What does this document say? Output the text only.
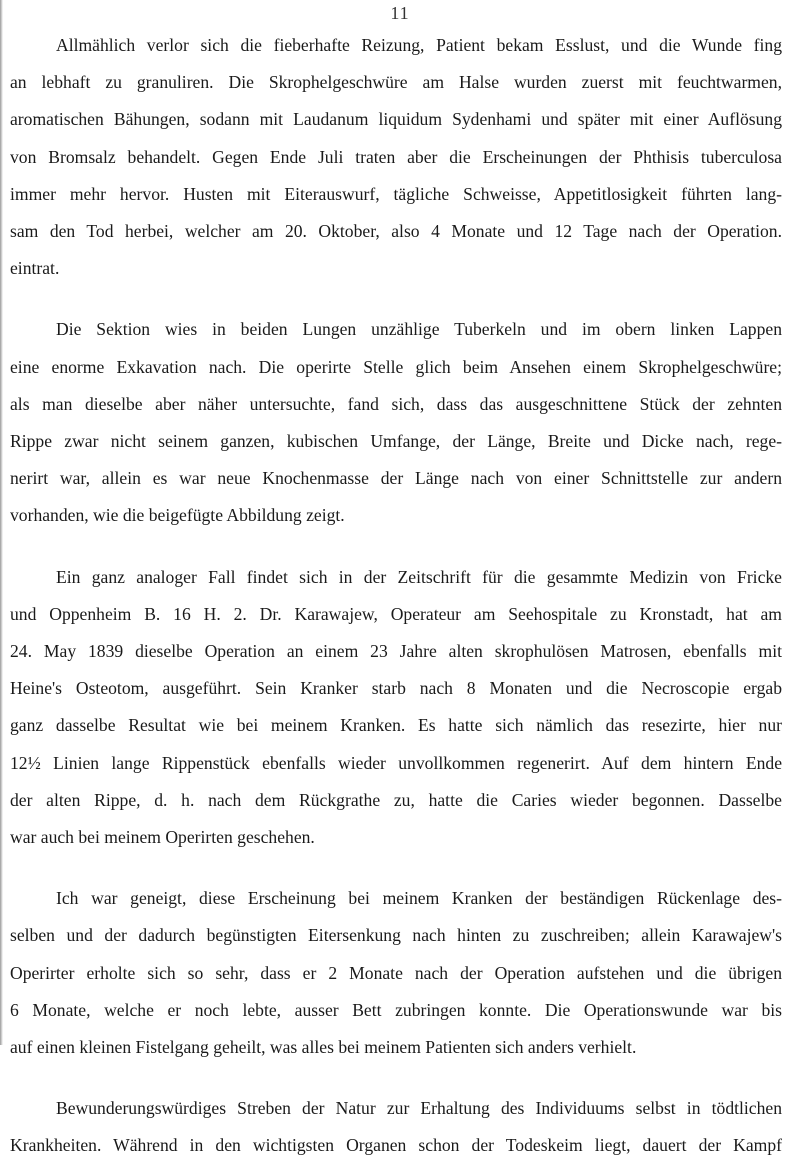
11
Allmählich verlor sich die fieberhafte Reizung, Patient bekam Esslust, und die Wunde fing
an lebhaft zu granuliren. Die Skrophelgeschwüre am Halse wurden zuerst mit feuchtwarmen,
aromatischen Bähungen, sodann mit Laudanum liquidum Sydenhami und später mit einer Auflösung
von Bromsalz behandelt. Gegen Ende Juli traten aber die Erscheinungen der Phthisis tuberculosa
immer mehr hervor. Husten mit Eiterauswurf, tägliche Schweisse, Appetitlosigkeit führten lang-
sam den Tod herbei, welcher am 20. Oktober, also 4 Monate und 12 Tage nach der Operation.
eintrat.
Die Sektion wies in beiden Lungen unzählige Tuberkeln und im obern linken Lappen
eine enorme Exkavation nach. Die operirte Stelle glich beim Ansehen einem Skrophelgeschwüre;
als man dieselbe aber näher untersuchte, fand sich, dass das ausgeschnittene Stück der zehnten
Rippe zwar nicht seinem ganzen, kubischen Umfange, der Länge, Breite und Dicke nach, rege-
nerirt war, allein es war neue Knochenmasse der Länge nach von einer Schnittstelle zur andern
vorhanden, wie die beigefügte Abbildung zeigt.
Ein ganz analoger Fall findet sich in der Zeitschrift für die gesammte Medizin von Fricke
und Oppenheim B. 16 H. 2. Dr. Karawajew, Operateur am Seehospitale zu Kronstadt, hat am
24. May 1839 dieselbe Operation an einem 23 Jahre alten skrophulösen Matrosen, ebenfalls mit
Heine's Osteotom, ausgeführt. Sein Kranker starb nach 8 Monaten und die Necroscopie ergab
ganz dasselbe Resultat wie bei meinem Kranken. Es hatte sich nämlich das resezirte, hier nur
12½ Linien lange Rippenstück ebenfalls wieder unvollkommen regenerirt. Auf dem hintern Ende
der alten Rippe, d. h. nach dem Rückgrathe zu, hatte die Caries wieder begonnen. Dasselbe
war auch bei meinem Operirten geschehen.
Ich war geneigt, diese Erscheinung bei meinem Kranken der beständigen Rückenlage des-
selben und der dadurch begünstigten Eitersenkung nach hinten zu zuschreiben; allein Karawajew's
Operirter erholte sich so sehr, dass er 2 Monate nach der Operation aufstehen und die übrigen
6 Monate, welche er noch lebte, ausser Bett zubringen konnte. Die Operationswunde war bis
auf einen kleinen Fistelgang geheilt, was alles bei meinem Patienten sich anders verhielt.
Bewunderungswürdiges Streben der Natur zur Erhaltung des Individuums selbst in tödtlichen
Krankheiten. Während in den wichtigsten Organen schon der Todeskeim liegt, dauert der Kampf
